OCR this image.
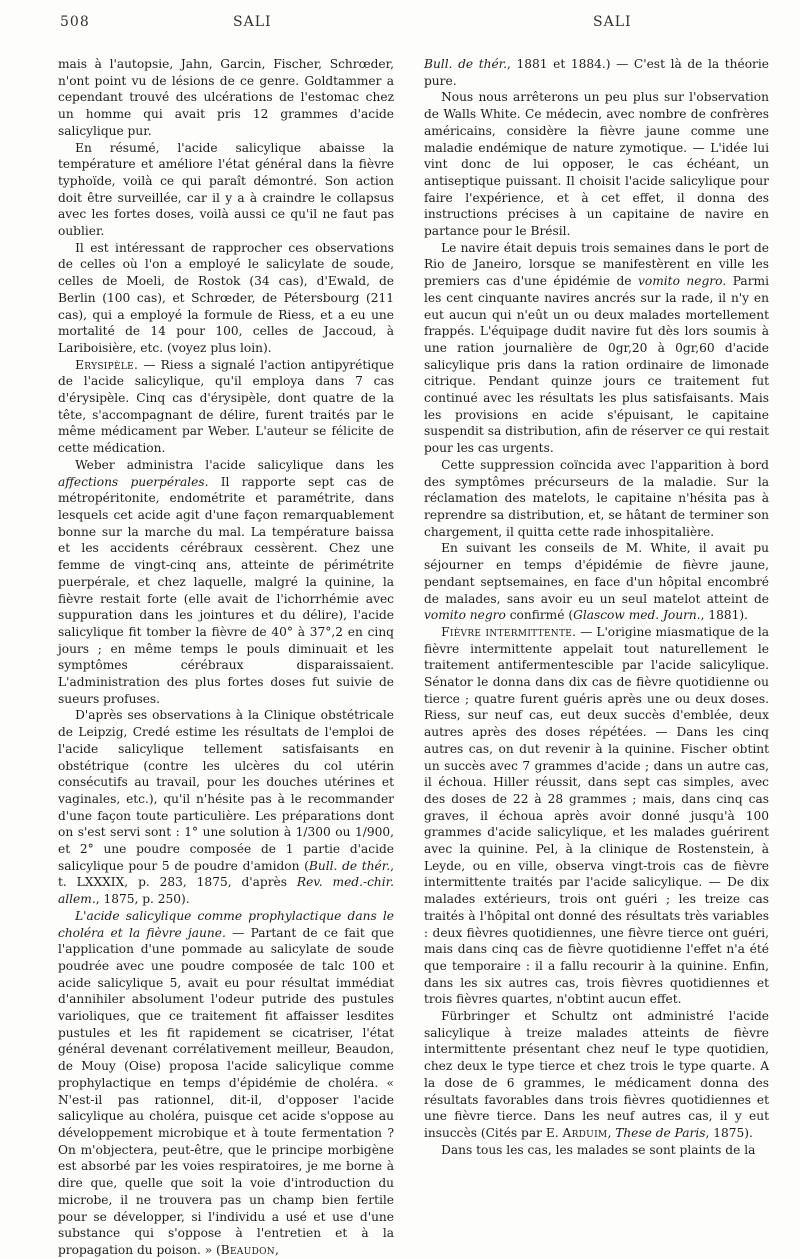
508	SALI	SALI

mais à l'autopsie, Jahn, Garcin, Fischer, Schrœder, n'ont point vu de lésions de ce genre. Goldtammer a cependant trouvé des ulcérations de l'estomac chez un homme qui avait pris 12 grammes d'acide salicylique pur.

En résumé, l'acide salicylique abaisse la température et améliore l'état général dans la fièvre typhoïde, voilà ce qui paraît démontré. Son action doit être surveillée, car il y a à craindre le collapsus avec les fortes doses, voilà aussi ce qu'il ne faut pas oublier.

Il est intéressant de rapprocher ces observations de celles où l'on a employé le salicylate de soude, celles de Moeli, de Rostok (34 cas), d'Ewald, de Berlin (100 cas), et Schrœder, de Pétersbourg (211 cas), qui a employé la formule de Riess, et a eu une mortalité de 14 pour 100, celles de Jaccoud, à Lariboisière, etc. (voyez plus loin).

Erysipèle. — Riess a signalé l'action antipyrétique de l'acide salicylique, qu'il employa dans 7 cas d'érysipèle. Cinq cas d'érysipèle, dont quatre de la tête, s'accompagnant de délire, furent traités par le même médicament par Weber. L'auteur se félicite de cette médication.

Weber administra l'acide salicylique dans les affections puerpérales. Il rapporte sept cas de métropéritonite, endométrite et paramétrite, dans lesquels cet acide agit d'une façon remarquablement bonne sur la marche du mal. La température baissa et les accidents cérébraux cessèrent. Chez une femme de vingt-cinq ans, atteinte de périmétrite puerpérale, et chez laquelle, malgré la quinine, la fièvre restait forte (elle avait de l'ichorrhémie avec suppuration dans les jointures et du délire), l'acide salicylique fit tomber la fièvre de 40° à 37°,2 en cinq jours ; en même temps le pouls diminuait et les symptômes cérébraux disparaissaient. L'administration des plus fortes doses fut suivie de sueurs profuses.

D'après ses observations à la Clinique obstétricale de Leipzig, Credé estime les résultats de l'emploi de l'acide salicylique tellement satisfaisants en obstétrique (contre les ulcères du col utérin consécutifs au travail, pour les douches utérines et vaginales, etc.), qu'il n'hésite pas à le recommander d'une façon toute particulière. Les préparations dont on s'est servi sont : 1° une solution à 1/300 ou 1/900, et 2° une poudre composée de 1 partie d'acide salicylique pour 5 de poudre d'amidon (Bull. de thér., t. LXXXIX, p. 283, 1875, d'après Rev. med.-chir. allem., 1875, p. 250).

L'acide salicylique comme prophylactique dans le choléra et la fièvre jaune. — Partant de ce fait que l'application d'une pommade au salicylate de soude poudrée avec une poudre composée de talc 100 et acide salicylique 5, avait eu pour résultat immédiat d'annihiler absolument l'odeur putride des pustules varioliques, que ce traitement fit affaisser lesdites pustules et les fit rapidement se cicatriser, l'état général devenant corrélativement meilleur, Beaudon, de Mouy (Oise) proposa l'acide salicylique comme prophylactique en temps d'épidémie de choléra. « N'est-il pas rationnel, dit-il, d'opposer l'acide salicylique au choléra, puisque cet acide s'oppose au développement microbique et à toute fermentation ? On m'objectera, peut-être, que le principe morbigène est absorbé par les voies respiratoires, je me borne à dire que, quelle que soit la voie d'introduction du microbe, il ne trouvera pas un champ bien fertile pour se développer, si l'individu a usé et use d'une substance qui s'oppose à l'entretien et à la propagation du poison. » (Beaudon,

Bull. de thér., 1881 et 1884.) — C'est là de la théorie pure.

Nous nous arrêterons un peu plus sur l'observation de Walls White. Ce médecin, avec nombre de confrères américains, considère la fièvre jaune comme une maladie endémique de nature zymotique. — L'idée lui vint donc de lui opposer, le cas échéant, un antiseptique puissant. Il choisit l'acide salicylique pour faire l'expérience, et à cet effet, il donna des instructions précises à un capitaine de navire en partance pour le Brésil.

Le navire était depuis trois semaines dans le port de Rio de Janeiro, lorsque se manifestèrent en ville les premiers cas d'une épidémie de vomito negro. Parmi les cent cinquante navires ancrés sur la rade, il n'y en eut aucun qui n'eût un ou deux malades mortellement frappés. L'équipage dudit navire fut dès lors soumis à une ration journalière de 0gr,20 à 0gr,60 d'acide salicylique pris dans la ration ordinaire de limonade citrique. Pendant quinze jours ce traitement fut continué avec les résultats les plus satisfaisants. Mais les provisions en acide s'épuisant, le capitaine suspendit sa distribution, afin de réserver ce qui restait pour les cas urgents.

Cette suppression coïncida avec l'apparition à bord des symptômes précurseurs de la maladie. Sur la réclamation des matelots, le capitaine n'hésita pas à reprendre sa distribution, et, se hâtant de terminer son chargement, il quitta cette rade inhospitalière.

En suivant les conseils de M. White, il avait pu séjourner en temps d'épidémie de fièvre jaune, pendant septsemaines, en face d'un hôpital encombré de malades, sans avoir eu un seul matelot atteint de vomito negro confirmé (Glascow med. Journ., 1881).

Fièvre intermittente. — L'origine miasmatique de la fièvre intermittente appelait tout naturellement le traitement antifermentescible par l'acide salicylique. Sénator le donna dans dix cas de fièvre quotidienne ou tierce ; quatre furent guéris après une ou deux doses. Riess, sur neuf cas, eut deux succès d'emblée, deux autres après des doses répétées. — Dans les cinq autres cas, on dut revenir à la quinine. Fischer obtint un succès avec 7 grammes d'acide ; dans un autre cas, il échoua. Hiller réussit, dans sept cas simples, avec des doses de 22 à 28 grammes ; mais, dans cinq cas graves, il échoua après avoir donné jusqu'à 100 grammes d'acide salicylique, et les malades guérirent avec la quinine. Pel, à la clinique de Rostenstein, à Leyde, ou en ville, observa vingt-trois cas de fièvre intermittente traités par l'acide salicylique. — De dix malades extérieurs, trois ont guéri ; les treize cas traités à l'hôpital ont donné des résultats très variables : deux fièvres quotidiennes, une fièvre tierce ont guéri, mais dans cinq cas de fièvre quotidienne l'effet n'a été que temporaire : il a fallu recourir à la quinine. Enfin, dans les six autres cas, trois fièvres quotidiennes et trois fièvres quartes, n'obtint aucun effet.

Fürbringer et Schultz ont administré l'acide salicylique à treize malades atteints de fièvre intermittente présentant chez neuf le type quotidien, chez deux le type tierce et chez trois le type quarte. A la dose de 6 grammes, le médicament donna des résultats favorables dans trois fièvres quotidiennes et une fièvre tierce. Dans les neuf autres cas, il y eut insuccès (Cités par E. Arduim, These de Paris, 1875).

Dans tous les cas, les malades se sont plaints de la
